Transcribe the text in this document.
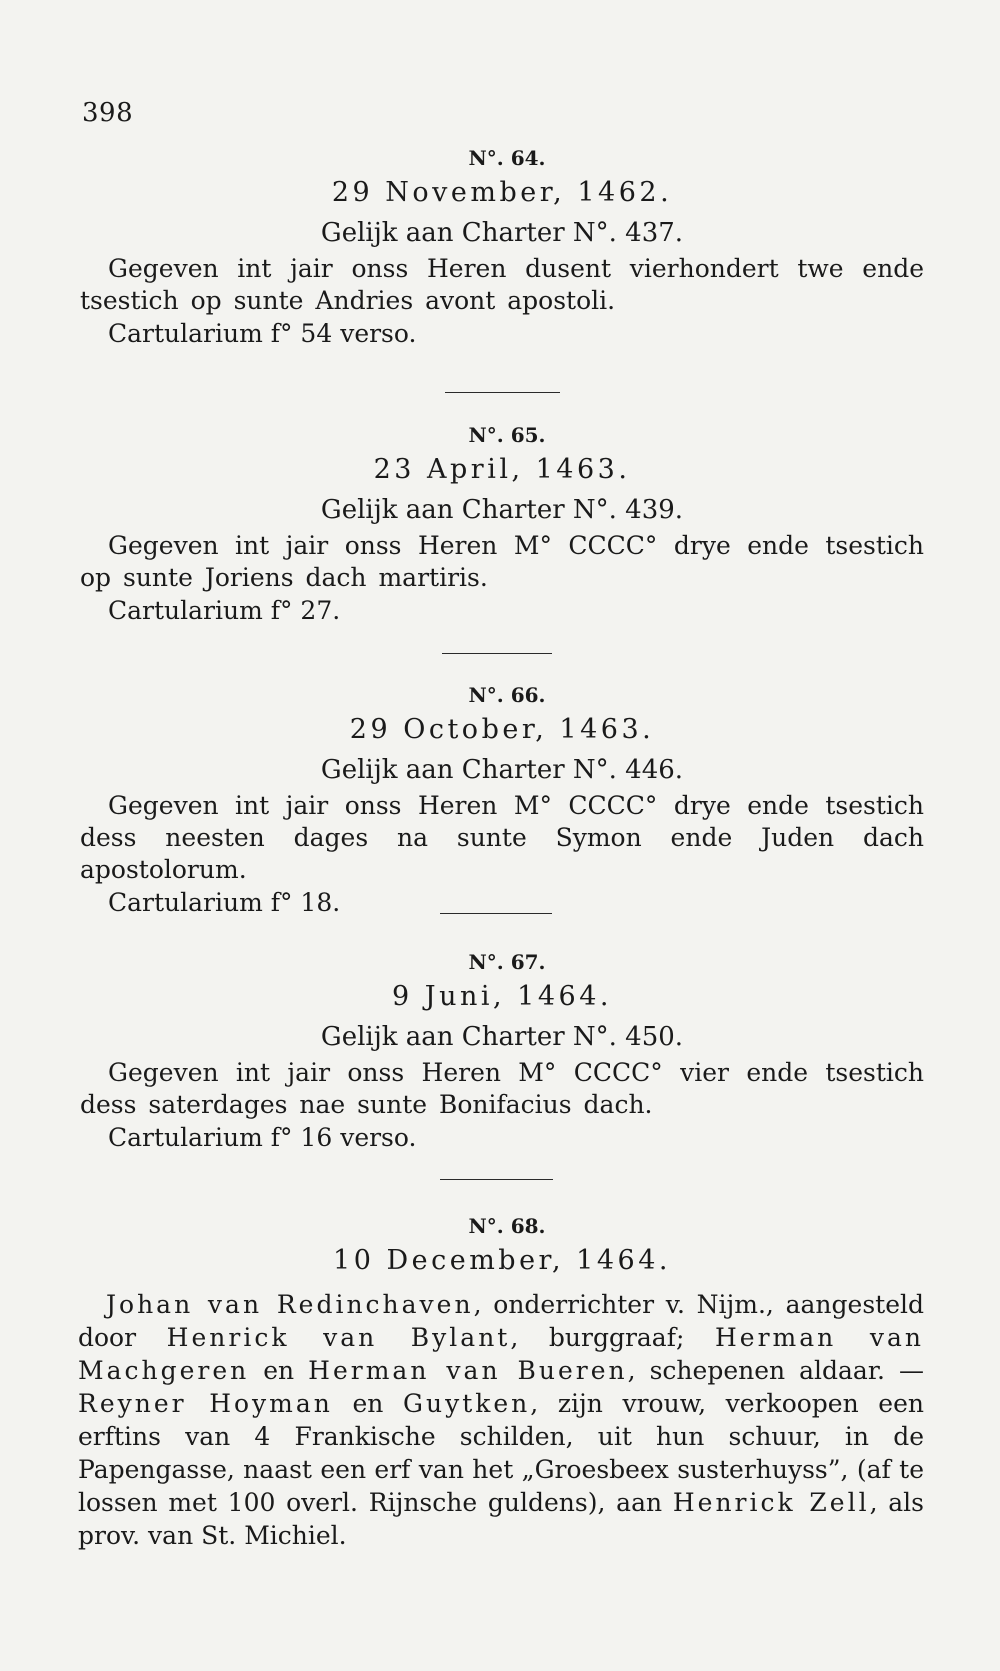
398
N°. 64.
29 November, 1462.
Gelijk aan Charter N°. 437.
Gegeven int jair onss Heren dusent vierhondert twe ende tsestich op sunte Andries avont apostoli.
Cartularium f° 54 verso.
N°. 65.
23 April, 1463.
Gelijk aan Charter N°. 439.
Gegeven int jair onss Heren M° CCCC° drye ende tsestich op sunte Joriens dach martiris.
Cartularium f° 27.
N°. 66.
29 October, 1463.
Gelijk aan Charter N°. 446.
Gegeven int jair onss Heren M° CCCC° drye ende tsestich dess neesten dages na sunte Symon ende Juden dach apostolorum.
Cartularium f° 18.
N°. 67.
9 Juni, 1464.
Gelijk aan Charter N°. 450.
Gegeven int jair onss Heren M° CCCC° vier ende tsestich dess saterdages nae sunte Bonifacius dach.
Cartularium f° 16 verso.
N°. 68.
10 December, 1464.
Johan van Redinchaven, onderrichter v. Nijm., aangesteld door Henrick van Bylant, burggraaf; Herman van Machgeren en Herman van Bueren, schepenen aldaar. — Reyner Hoyman en Guytken, zijn vrouw, verkoopen een erftins van 4 Frankische schilden, uit hun schuur, in de Papengasse, naast een erf van het „Groesbeex susterhuyss”, (af te lossen met 100 overl. Rijnsche guldens), aan Henrick Zell, als prov. van St. Michiel.
